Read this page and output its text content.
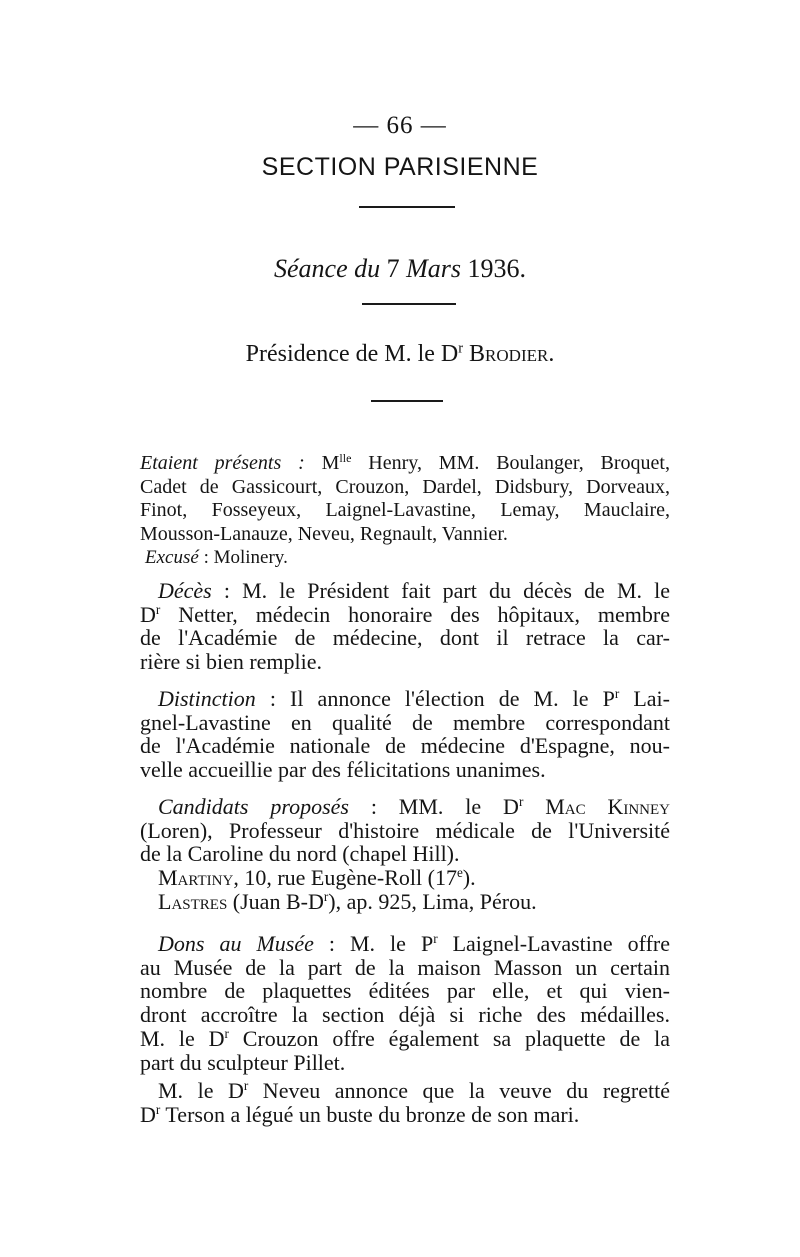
— 66 —
SECTION PARISIENNE
Séance du 7 Mars 1936.
Présidence de M. le $D^r$ Brodier.
Etaient présents : $M^{lle}$ Henry, MM. Boulanger, Broquet,
Cadet de Gassicourt, Crouzon, Dardel, Didsbury, Dorveaux,
Finot, Fosseyeux, Laignel-Lavastine, Lemay, Mauclaire,
Mousson-Lanauze, Neveu, Regnault, Vannier.
Excusé : Molinery.
Décès : M. le Président fait part du décès de M. le
$D^r$ Netter, médecin honoraire des hôpitaux, membre
de l'Académie de médecine, dont il retrace la car-
rière si bien remplie.
Distinction : Il annonce l'élection de M. le $P^r$ Lai-
gnel-Lavastine en qualité de membre correspondant
de l'Académie nationale de médecine d'Espagne, nou-
velle accueillie par des félicitations unanimes.
Candidats proposés : MM. le $D^r$ Mac Kinney
(Loren), Professeur d'histoire médicale de l'Université
de la Caroline du nord (chapel Hill).
Martiny, 10, rue Eugène-Roll (17e).
Lastres (Juan $B-D^r$), ap. 925, Lima, Pérou.
Dons au Musée : M. le $P^r$ Laignel-Lavastine offre
au Musée de la part de la maison Masson un certain
nombre de plaquettes éditées par elle, et qui vien-
dront accroître la section déjà si riche des médailles.
M. le $D^r$ Crouzon offre également sa plaquette de la
part du sculpteur Pillet.
M. le $D^r$ Neveu annonce que la veuve du regretté
$D^r$ Terson a légué un buste du bronze de son mari.
